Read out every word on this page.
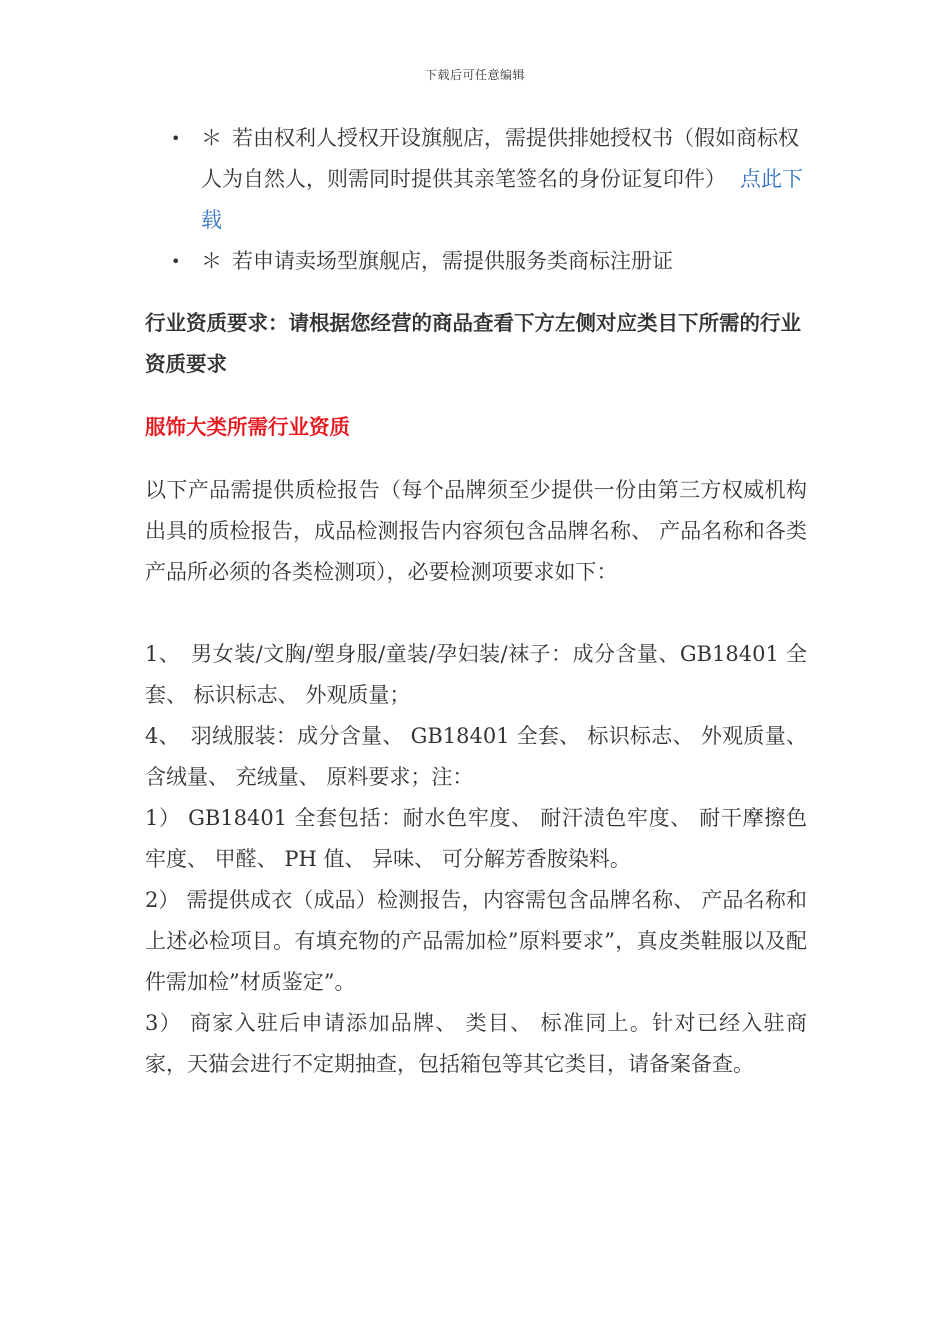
下载后可任意编辑
• ＊ 若由权利人授权开设旗舰店，需提供排她授权书（假如商标权人为自然人，则需同时提供其亲笔签名的身份证复印件） 点此下载
• ＊ 若申请卖场型旗舰店，需提供服务类商标注册证
行业资质要求：请根据您经营的商品查看下方左侧对应类目下所需的行业资质要求
服饰大类所需行业资质
以下产品需提供质检报告（每个品牌须至少提供一份由第三方权威机构出具的质检报告，成品检测报告内容须包含品牌名称、 产品名称和各类产品所必须的各类检测项），必要检测项要求如下：
1、　男女装/文胸/塑身服/童装/孕妇装/袜子：成分含量、GB18401 全套、 标识标志、 外观质量；
4、　羽绒服装：成分含量、 GB18401 全套、 标识标志、 外观质量、 含绒量、 充绒量、 原料要求；注：
1） GB18401 全套包括：耐水色牢度、 耐汗渍色牢度、 耐干摩擦色牢度、 甲醛、 PH 值、 异味、 可分解芳香胺染料。
2） 需提供成衣（成品）检测报告，内容需包含品牌名称、 产品名称和上述必检项目。有填充物的产品需加检”原料要求”，真皮类鞋服以及配件需加检”材质鉴定”。
3） 商家入驻后申请添加品牌、 类目、 标准同上。针对已经入驻商家，天猫会进行不定期抽查，包括箱包等其它类目，请备案备查。
